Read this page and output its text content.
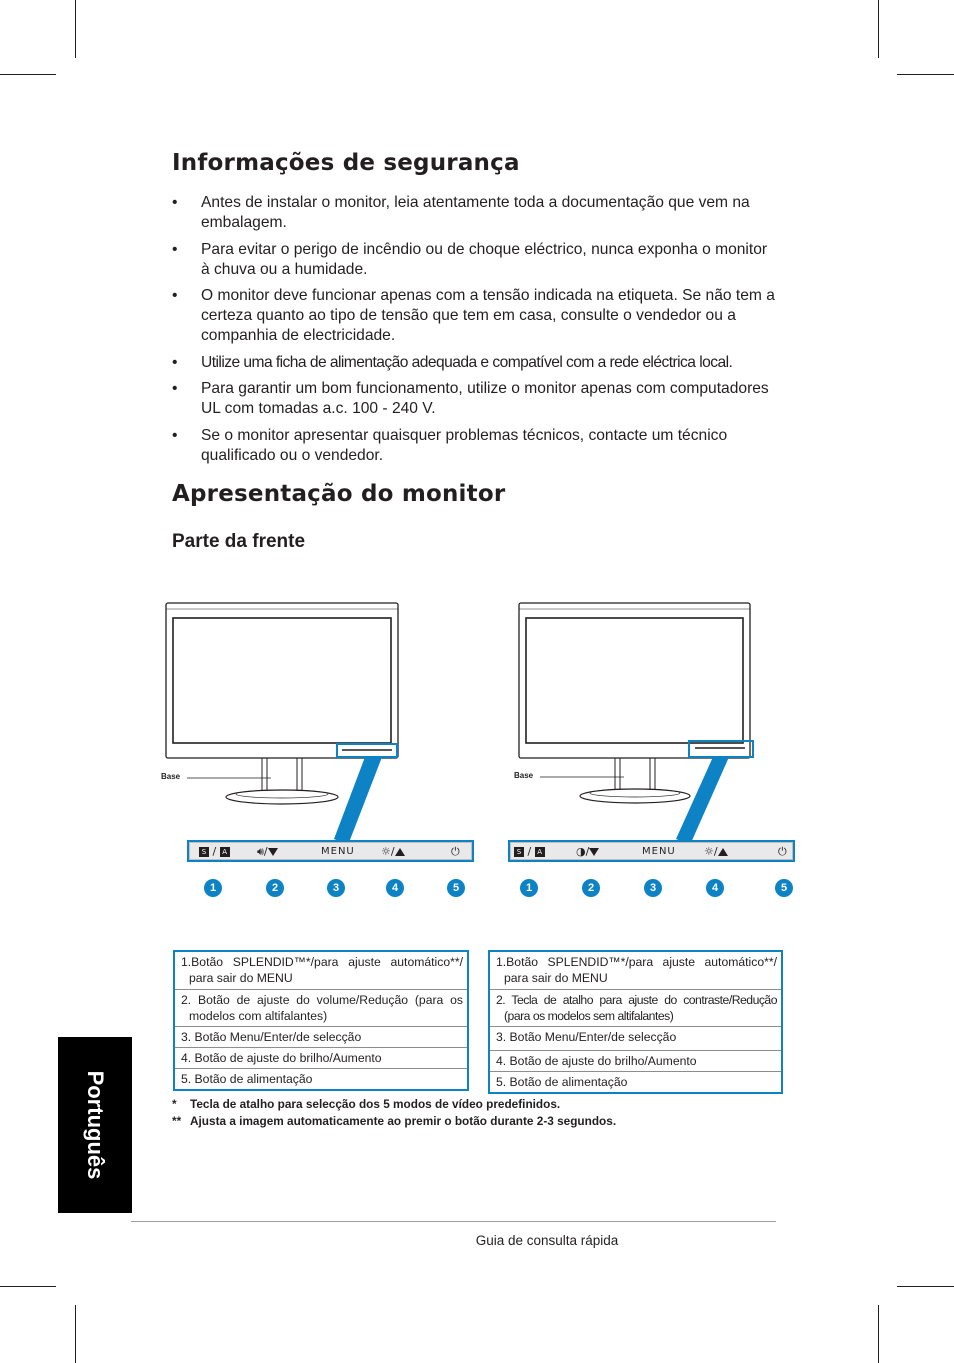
Informações de segurança
• Antes de instalar o monitor, leia atentamente toda a documentação que vem na embalagem.
• Para evitar o perigo de incêndio ou de choque eléctrico, nunca exponha o monitor à chuva ou a humidade.
• O monitor deve funcionar apenas com a tensão indicada na etiqueta. Se não tem a certeza quanto ao tipo de tensão que tem em casa, consulte o vendedor ou a companhia de electricidade.
• Utilize uma ficha de alimentação adequada e compatível com a rede eléctrica local.
• Para garantir um bom funcionamento, utilize o monitor apenas com computadores UL com tomadas a.c. 100 - 240 V.
• Se o monitor apresentar quaisquer problemas técnicos, contacte um técnico qualificado ou o vendedor.
Apresentação do monitor
Parte da frente
Base	Base
S / A	🔊︎/	MENU ☼/	⏻	S / A	◑/	MENU	☼/	⏻
1	2	3	4	5	1	2	3	4	5
1.Botão SPLENDID™*/para ajuste automático**/ para sair do MENU
2. Botão de ajuste do volume/Redução (para os modelos com altifalantes)
3. Botão Menu/Enter/de selecção
4. Botão de ajuste do brilho/Aumento
5. Botão de alimentação
1.Botão SPLENDID™*/para ajuste automático**/ para sair do MENU
2. Tecla de atalho para ajuste do contraste/Redução (para os modelos sem altifalantes)
3. Botão Menu/Enter/de selecção
4. Botão de ajuste do brilho/Aumento
5. Botão de alimentação
* Tecla de atalho para selecção dos 5 modos de vídeo predefinidos.
** Ajusta a imagem automaticamente ao premir o botão durante 2-3 segundos.
Português
Guia de consulta rápida
